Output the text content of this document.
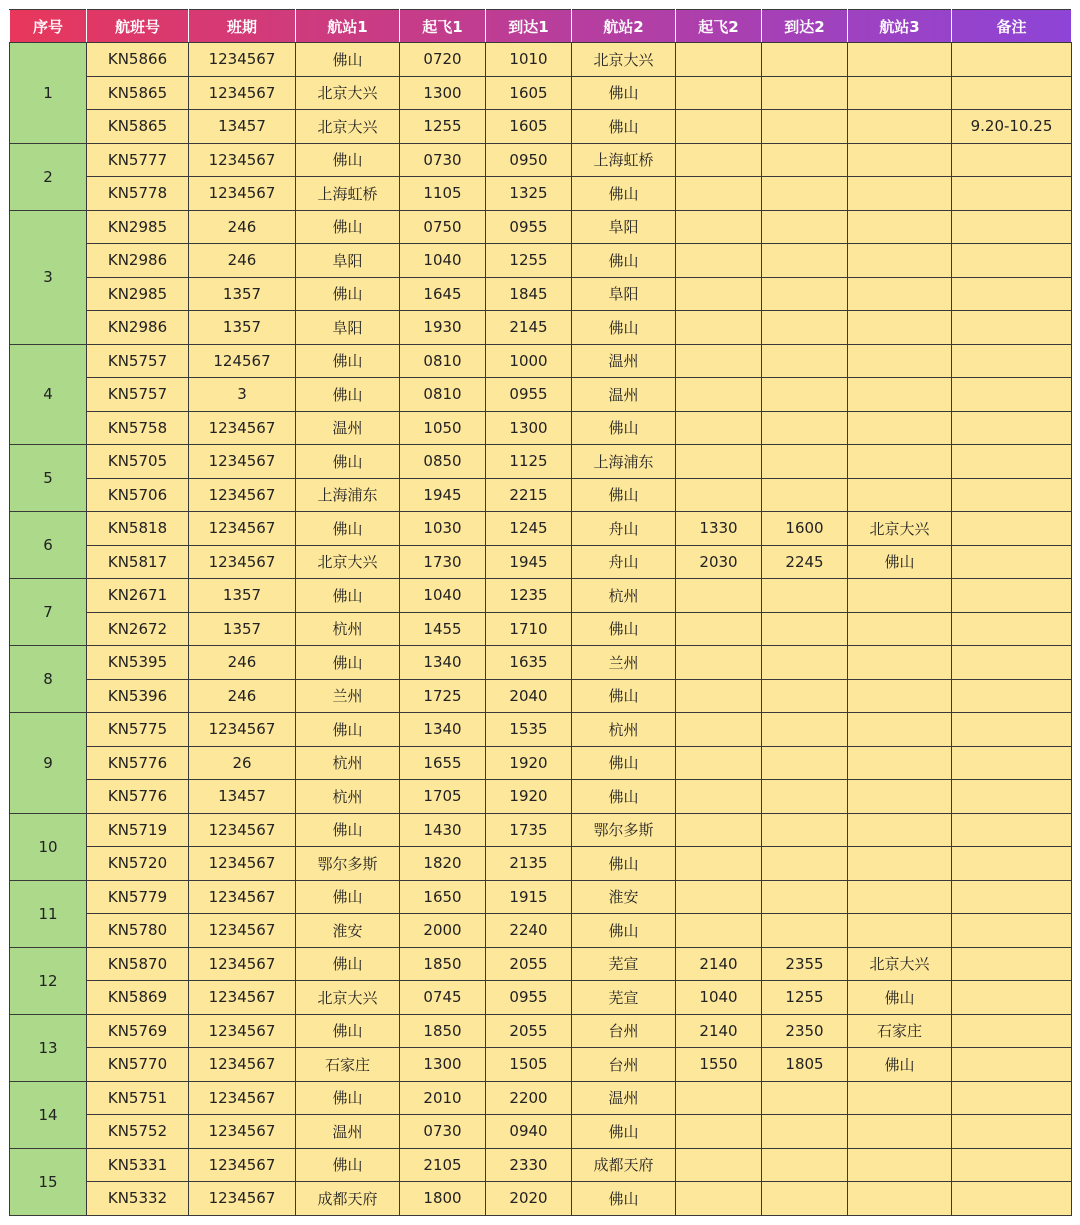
序号	航班号	班期	航站1	起飞1	到达1	航站2	起飞2	到达2	航站3	备注
1	KN5866	1234567	佛山	0720	1010	北京大兴				
	KN5865	1234567	北京大兴	1300	1605	佛山				
	KN5865	13457	北京大兴	1255	1605	佛山				9.20-10.25
2	KN5777	1234567	佛山	0730	0950	上海虹桥				
	KN5778	1234567	上海虹桥	1105	1325	佛山				
3	KN2985	246	佛山	0750	0955	阜阳				
	KN2986	246	阜阳	1040	1255	佛山				
	KN2985	1357	佛山	1645	1845	阜阳				
	KN2986	1357	阜阳	1930	2145	佛山				
4	KN5757	124567	佛山	0810	1000	温州				
	KN5757	3	佛山	0810	0955	温州				
	KN5758	1234567	温州	1050	1300	佛山				
5	KN5705	1234567	佛山	0850	1125	上海浦东				
	KN5706	1234567	上海浦东	1945	2215	佛山				
6	KN5818	1234567	佛山	1030	1245	舟山	1330	1600	北京大兴	
	KN5817	1234567	北京大兴	1730	1945	舟山	2030	2245	佛山	
7	KN2671	1357	佛山	1040	1235	杭州				
	KN2672	1357	杭州	1455	1710	佛山				
8	KN5395	246	佛山	1340	1635	兰州				
	KN5396	246	兰州	1725	2040	佛山				
9	KN5775	1234567	佛山	1340	1535	杭州				
	KN5776	26	杭州	1655	1920	佛山				
	KN5776	13457	杭州	1705	1920	佛山				
10	KN5719	1234567	佛山	1430	1735	鄂尔多斯				
	KN5720	1234567	鄂尔多斯	1820	2135	佛山				
11	KN5779	1234567	佛山	1650	1915	淮安				
	KN5780	1234567	淮安	2000	2240	佛山				
12	KN5870	1234567	佛山	1850	2055	芜宣	2140	2355	北京大兴	
	KN5869	1234567	北京大兴	0745	0955	芜宣	1040	1255	佛山	
13	KN5769	1234567	佛山	1850	2055	台州	2140	2350	石家庄	
	KN5770	1234567	石家庄	1300	1505	台州	1550	1805	佛山	
14	KN5751	1234567	佛山	2010	2200	温州				
	KN5752	1234567	温州	0730	0940	佛山				
15	KN5331	1234567	佛山	2105	2330	成都天府				
	KN5332	1234567	成都天府	1800	2020	佛山				
